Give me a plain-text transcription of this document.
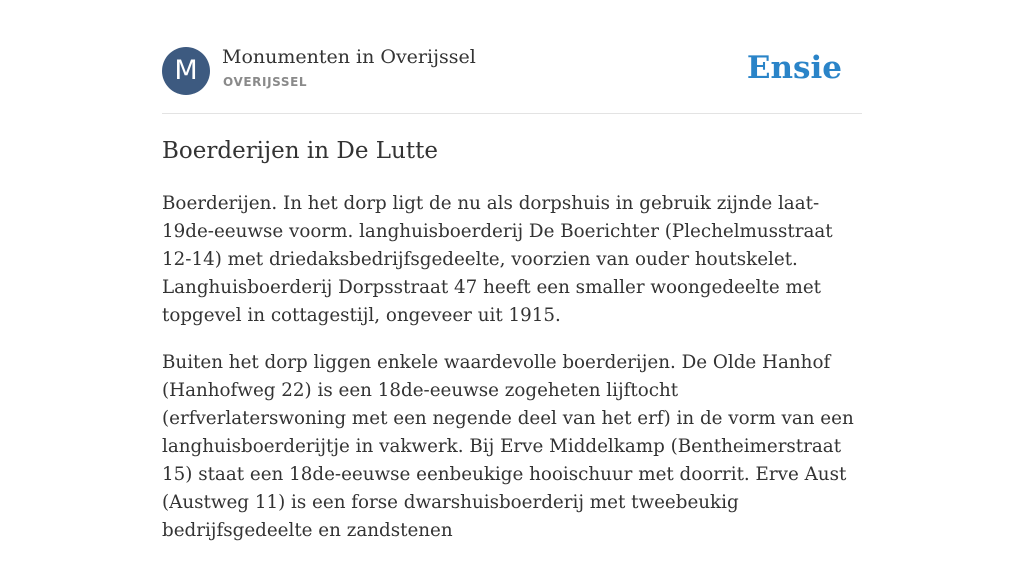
M	Monumenten in Overijssel
OVERIJSSEL	Ensie
Boerderijen in De Lutte

Boerderijen. In het dorp ligt de nu als dorpshuis in gebruik zijnde laat-19de-eeuwse voorm. langhuisboerderij De Boerichter (Plechelmusstraat 12-14) met driedaksbedrijfsgedeelte, voorzien van ouder houtskelet. Langhuisboerderij Dorpsstraat 47 heeft een smaller woongedeelte met topgevel in cottagestijl, ongeveer uit 1915.

Buiten het dorp liggen enkele waardevolle boerderijen. De Olde Hanhof (Hanhofweg 22) is een 18de-eeuwse zogeheten lijftocht (erfverlaterswoning met een negende deel van het erf) in de vorm van een langhuisboerderijtje in vakwerk. Bij Erve Middelkamp (Bentheimerstraat 15) staat een 18de-eeuwse eenbeukige hooischuur met doorrit. Erve Aust (Austweg 11) is een forse dwarshuisboerderij met tweebeukig bedrijfsgedeelte en zandstenen
